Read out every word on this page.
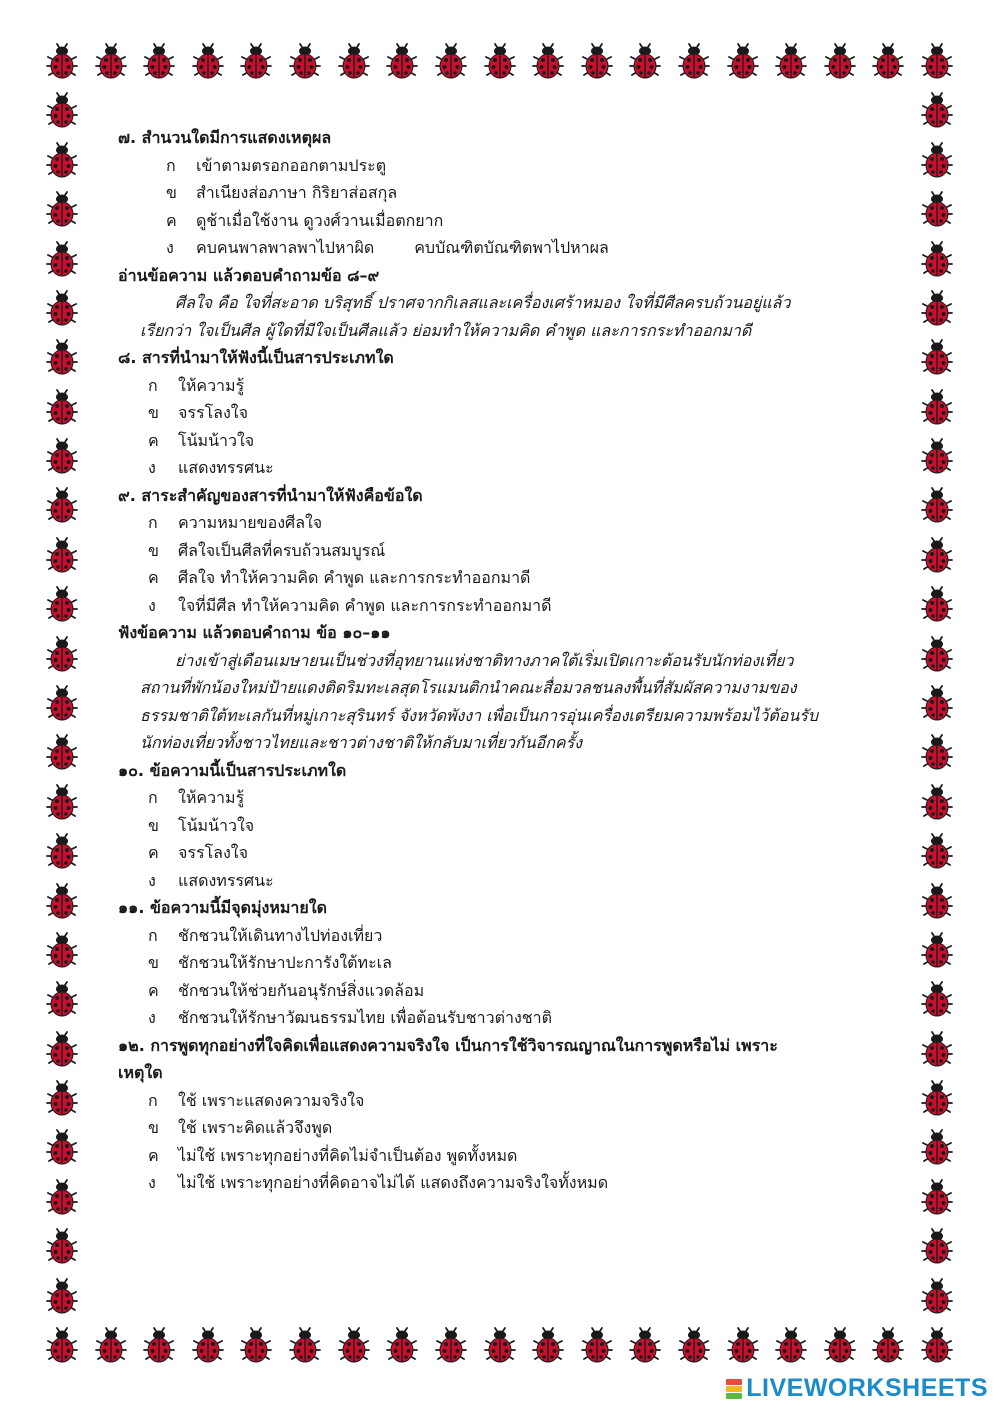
๗. สำนวนใดมีการแสดงเหตุผล
ก	เข้าตามตรอกออกตามประตู
ข	สำเนียงส่อภาษา กิริยาส่อสกุล
ค	ดูช้าเมื่อใช้งาน ดูวงศ์วานเมื่อตกยาก
ง	คบคนพาลพาลพาไปหาผิด	คบบัณฑิตบัณฑิตพาไปหาผล
อ่านข้อความ แล้วตอบคำถามข้อ ๘–๙
ศีลใจ คือ ใจที่สะอาด บริสุทธิ์ ปราศจากกิเลสและเครื่องเศร้าหมอง ใจที่มีศีลครบถ้วนอยู่แล้ว
เรียกว่า ใจเป็นศีล ผู้ใดที่มีใจเป็นศีลแล้ว ย่อมทำให้ความคิด คำพูด และการกระทำออกมาดี
๘. สารที่นำมาให้ฟังนี้เป็นสารประเภทใด
ก	ให้ความรู้
ข	จรรโลงใจ
ค	โน้มน้าวใจ
ง	แสดงทรรศนะ
๙. สาระสำคัญของสารที่นำมาให้ฟังคือข้อใด
ก	ความหมายของศีลใจ
ข	ศีลใจเป็นศีลที่ครบถ้วนสมบูรณ์
ค	ศีลใจ ทำให้ความคิด คำพูด และการกระทำออกมาดี
ง	ใจที่มีศีล ทำให้ความคิด คำพูด และการกระทำออกมาดี
ฟังข้อความ แล้วตอบคำถาม ข้อ ๑๐–๑๑
ย่างเข้าสู่เดือนเมษายนเป็นช่วงที่อุทยานแห่งชาติทางภาคใต้เริ่มเปิดเกาะต้อนรับนักท่องเที่ยว
สถานที่พักน้องใหม่ป้ายแดงติดริมทะเลสุดโรแมนติกนำคณะสื่อมวลชนลงพื้นที่สัมผัสความงามของ
ธรรมชาติใต้ทะเลกันที่หมู่เกาะสุรินทร์ จังหวัดพังงา เพื่อเป็นการอุ่นเครื่องเตรียมความพร้อมไว้ต้อนรับ
นักท่องเที่ยวทั้งชาวไทยและชาวต่างชาติให้กลับมาเที่ยวกันอีกครั้ง
๑๐. ข้อความนี้เป็นสารประเภทใด
ก	ให้ความรู้
ข	โน้มน้าวใจ
ค	จรรโลงใจ
ง	แสดงทรรศนะ
๑๑. ข้อความนี้มีจุดมุ่งหมายใด
ก	ชักชวนให้เดินทางไปท่องเที่ยว
ข	ชักชวนให้รักษาปะการังใต้ทะเล
ค	ชักชวนให้ช่วยกันอนุรักษ์สิ่งแวดล้อม
ง	ชักชวนให้รักษาวัฒนธรรมไทย เพื่อต้อนรับชาวต่างชาติ
๑๒. การพูดทุกอย่างที่ใจคิดเพื่อแสดงความจริงใจ เป็นการใช้วิจารณญาณในการพูดหรือไม่ เพราะ
เหตุใด
ก	ใช้ เพราะแสดงความจริงใจ
ข	ใช้ เพราะคิดแล้วจึงพูด
ค	ไม่ใช้ เพราะทุกอย่างที่คิดไม่จำเป็นต้อง พูดทั้งหมด
ง	ไม่ใช้ เพราะทุกอย่างที่คิดอาจไม่ได้ แสดงถึงความจริงใจทั้งหมด
LIVEWORKSHEETS
